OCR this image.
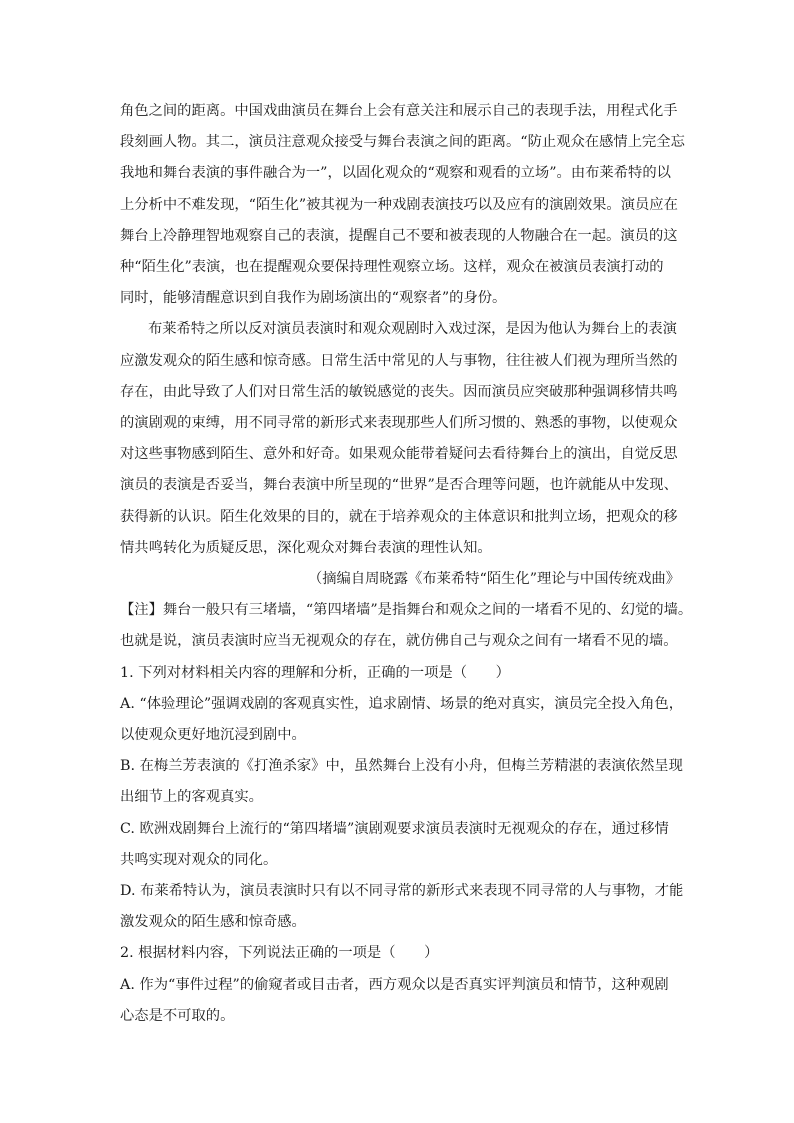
角色之间的距离。中国戏曲演员在舞台上会有意关注和展示自己的表现手法，用程式化手
段刻画人物。其二，演员注意观众接受与舞台表演之间的距离。“防止观众在感情上完全忘
我地和舞台表演的事件融合为一”，以固化观众的“观察和观看的立场”。由布莱希特的以
上分析中不难发现，“陌生化”被其视为一种戏剧表演技巧以及应有的演剧效果。演员应在
舞台上冷静理智地观察自己的表演，提醒自己不要和被表现的人物融合在一起。演员的这
种“陌生化”表演，也在提醒观众要保持理性观察立场。这样，观众在被演员表演打动的
同时，能够清醒意识到自我作为剧场演出的“观察者”的身份。
布莱希特之所以反对演员表演时和观众观剧时入戏过深，是因为他认为舞台上的表演
应激发观众的陌生感和惊奇感。日常生活中常见的人与事物，往往被人们视为理所当然的
存在，由此导致了人们对日常生活的敏锐感觉的丧失。因而演员应突破那种强调移情共鸣
的演剧观的束缚，用不同寻常的新形式来表现那些人们所习惯的、熟悉的事物，以使观众
对这些事物感到陌生、意外和好奇。如果观众能带着疑问去看待舞台上的演出，自觉反思
演员的表演是否妥当，舞台表演中所呈现的“世界”是否合理等问题，也许就能从中发现、
获得新的认识。陌生化效果的目的，就在于培养观众的主体意识和批判立场，把观众的移
情共鸣转化为质疑反思，深化观众对舞台表演的理性认知。
（摘编自周晓露《布莱希特“陌生化”理论与中国传统戏曲》
【注】舞台一般只有三堵墙，“第四堵墙”是指舞台和观众之间的一堵看不见的、幻觉的墙。
也就是说，演员表演时应当无视观众的存在，就仿佛自己与观众之间有一堵看不见的墙。
1. 下列对材料相关内容的理解和分析，正确的一项是（　　）
A. “体验理论”强调戏剧的客观真实性，追求剧情、场景的绝对真实，演员完全投入角色，
以使观众更好地沉浸到剧中。
B. 在梅兰芳表演的《打渔杀家》中，虽然舞台上没有小舟，但梅兰芳精湛的表演依然呈现
出细节上的客观真实。
C. 欧洲戏剧舞台上流行的“第四堵墙”演剧观要求演员表演时无视观众的存在，通过移情
共鸣实现对观众的同化。
D. 布莱希特认为，演员表演时只有以不同寻常的新形式来表现不同寻常的人与事物，才能
激发观众的陌生感和惊奇感。
2. 根据材料内容，下列说法正确的一项是（　　）
A. 作为“事件过程”的偷窥者或目击者，西方观众以是否真实评判演员和情节，这种观剧
心态是不可取的。
